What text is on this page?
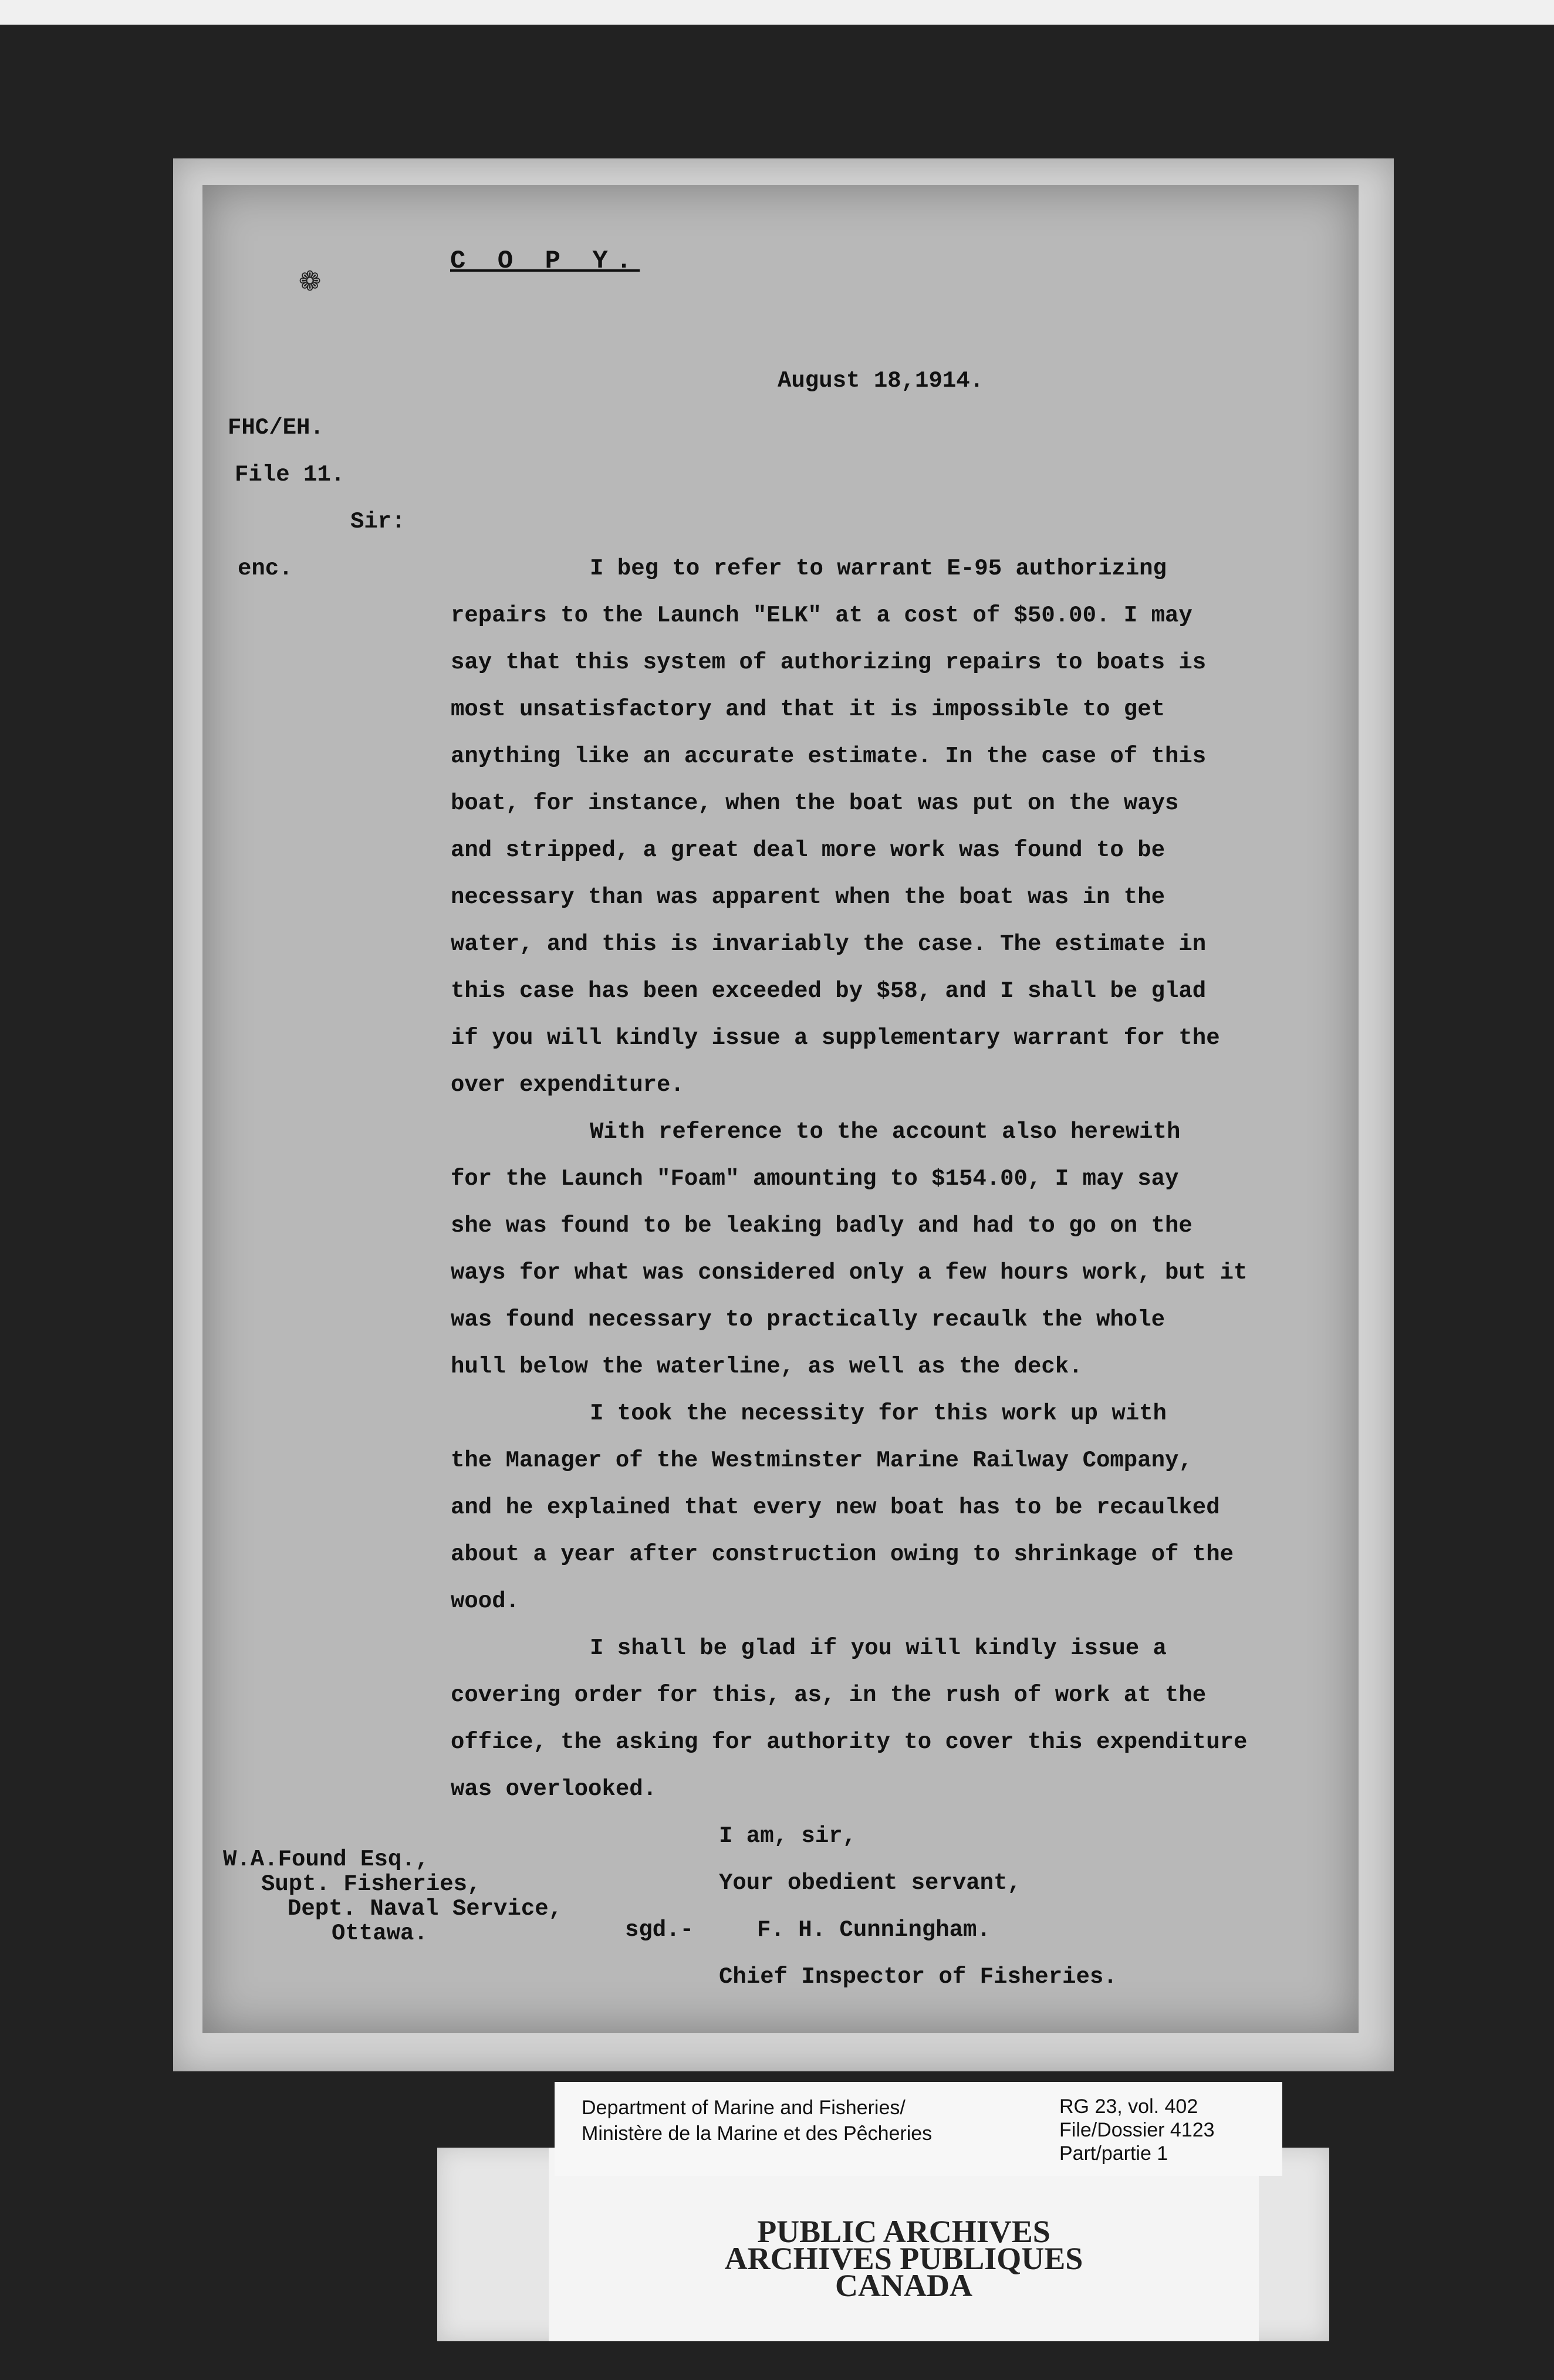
❁
C O P Y.
August 18,1914.
FHC/EH.
File 11.
Sir:
enc.	I beg to refer to warrant E-95 authorizing
repairs to the Launch "ELK" at a cost of $50.00. I may
say that this system of authorizing repairs to boats is
most unsatisfactory and that it is impossible to get
anything like an accurate estimate. In the case of this
boat, for instance, when the boat was put on the ways
and stripped, a great deal more work was found to be
necessary than was apparent when the boat was in the
water, and this is invariably the case. The estimate in
this case has been exceeded by $58, and I shall be glad
if you will kindly issue a supplementary warrant for the
over expenditure.
With reference to the account also herewith
for the Launch "Foam" amounting to $154.00, I may say
she was found to be leaking badly and had to go on the
ways for what was considered only a few hours work, but it
was found necessary to practically recaulk the whole
hull below the waterline, as well as the deck.
I took the necessity for this work up with
the Manager of the Westminster Marine Railway Company,
and he explained that every new boat has to be recaulked
about a year after construction owing to shrinkage of the
wood.
I shall be glad if you will kindly issue a
covering order for this, as, in the rush of work at the
office, the asking for authority to cover this expenditure
was overlooked.
I am, sir,
Your obedient servant,
sgd.-	F. H. Cunningham.
Chief Inspector of Fisheries.
W.A.Found Esq.,
Supt. Fisheries,
Dept. Naval Service,
Ottawa.
PUBLIC ARCHIVES
ARCHIVES PUBLIQUES
CANADA
Department of Marine and Fisheries/
Ministère de la Marine et des Pêcheries
RG 23, vol. 402
File/Dossier 4123
Part/partie 1
